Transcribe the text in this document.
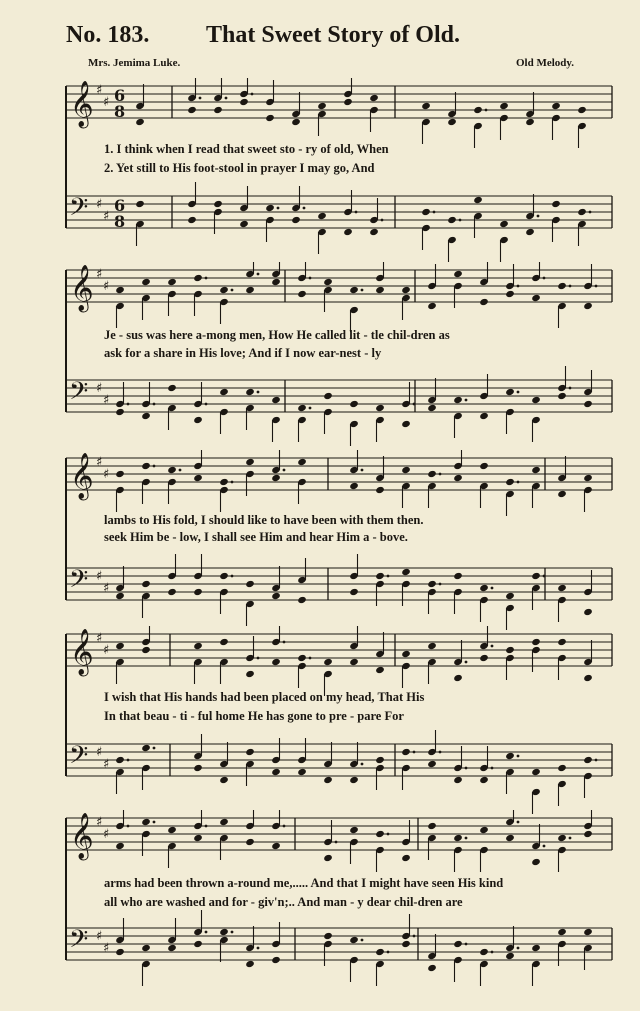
No. 183. That Sweet Story of Old.
Mrs. Jemima Luke.	Old Melody.
𝄞
𝄢
♯
♯
♯
♯
6
8
6
8
1. I think when I read that sweet sto - ry of old, When
2. Yet still to His foot-stool in prayer I may go, And
𝄞
𝄢
♯
♯
♯
♯
Je - sus was here a-mong men, How He called lit - tle chil-dren as
ask for a share in His love; And if I now ear-nest - ly
𝄞
𝄢
♯
♯
♯
♯
lambs to His fold, I should like to have been with them then.
seek Him be - low, I shall see Him and hear Him a - bove.
𝄞
𝄢
♯
♯
♯
♯
I wish that His hands had been placed on my head, That His
In that beau - ti - ful home He has gone to pre - pare For
𝄞
𝄢
♯
♯
♯
♯
arms had been thrown a-round me,..... And that I might have seen His kind
all who are washed and for - giv'n;.. And man - y dear chil-dren are
